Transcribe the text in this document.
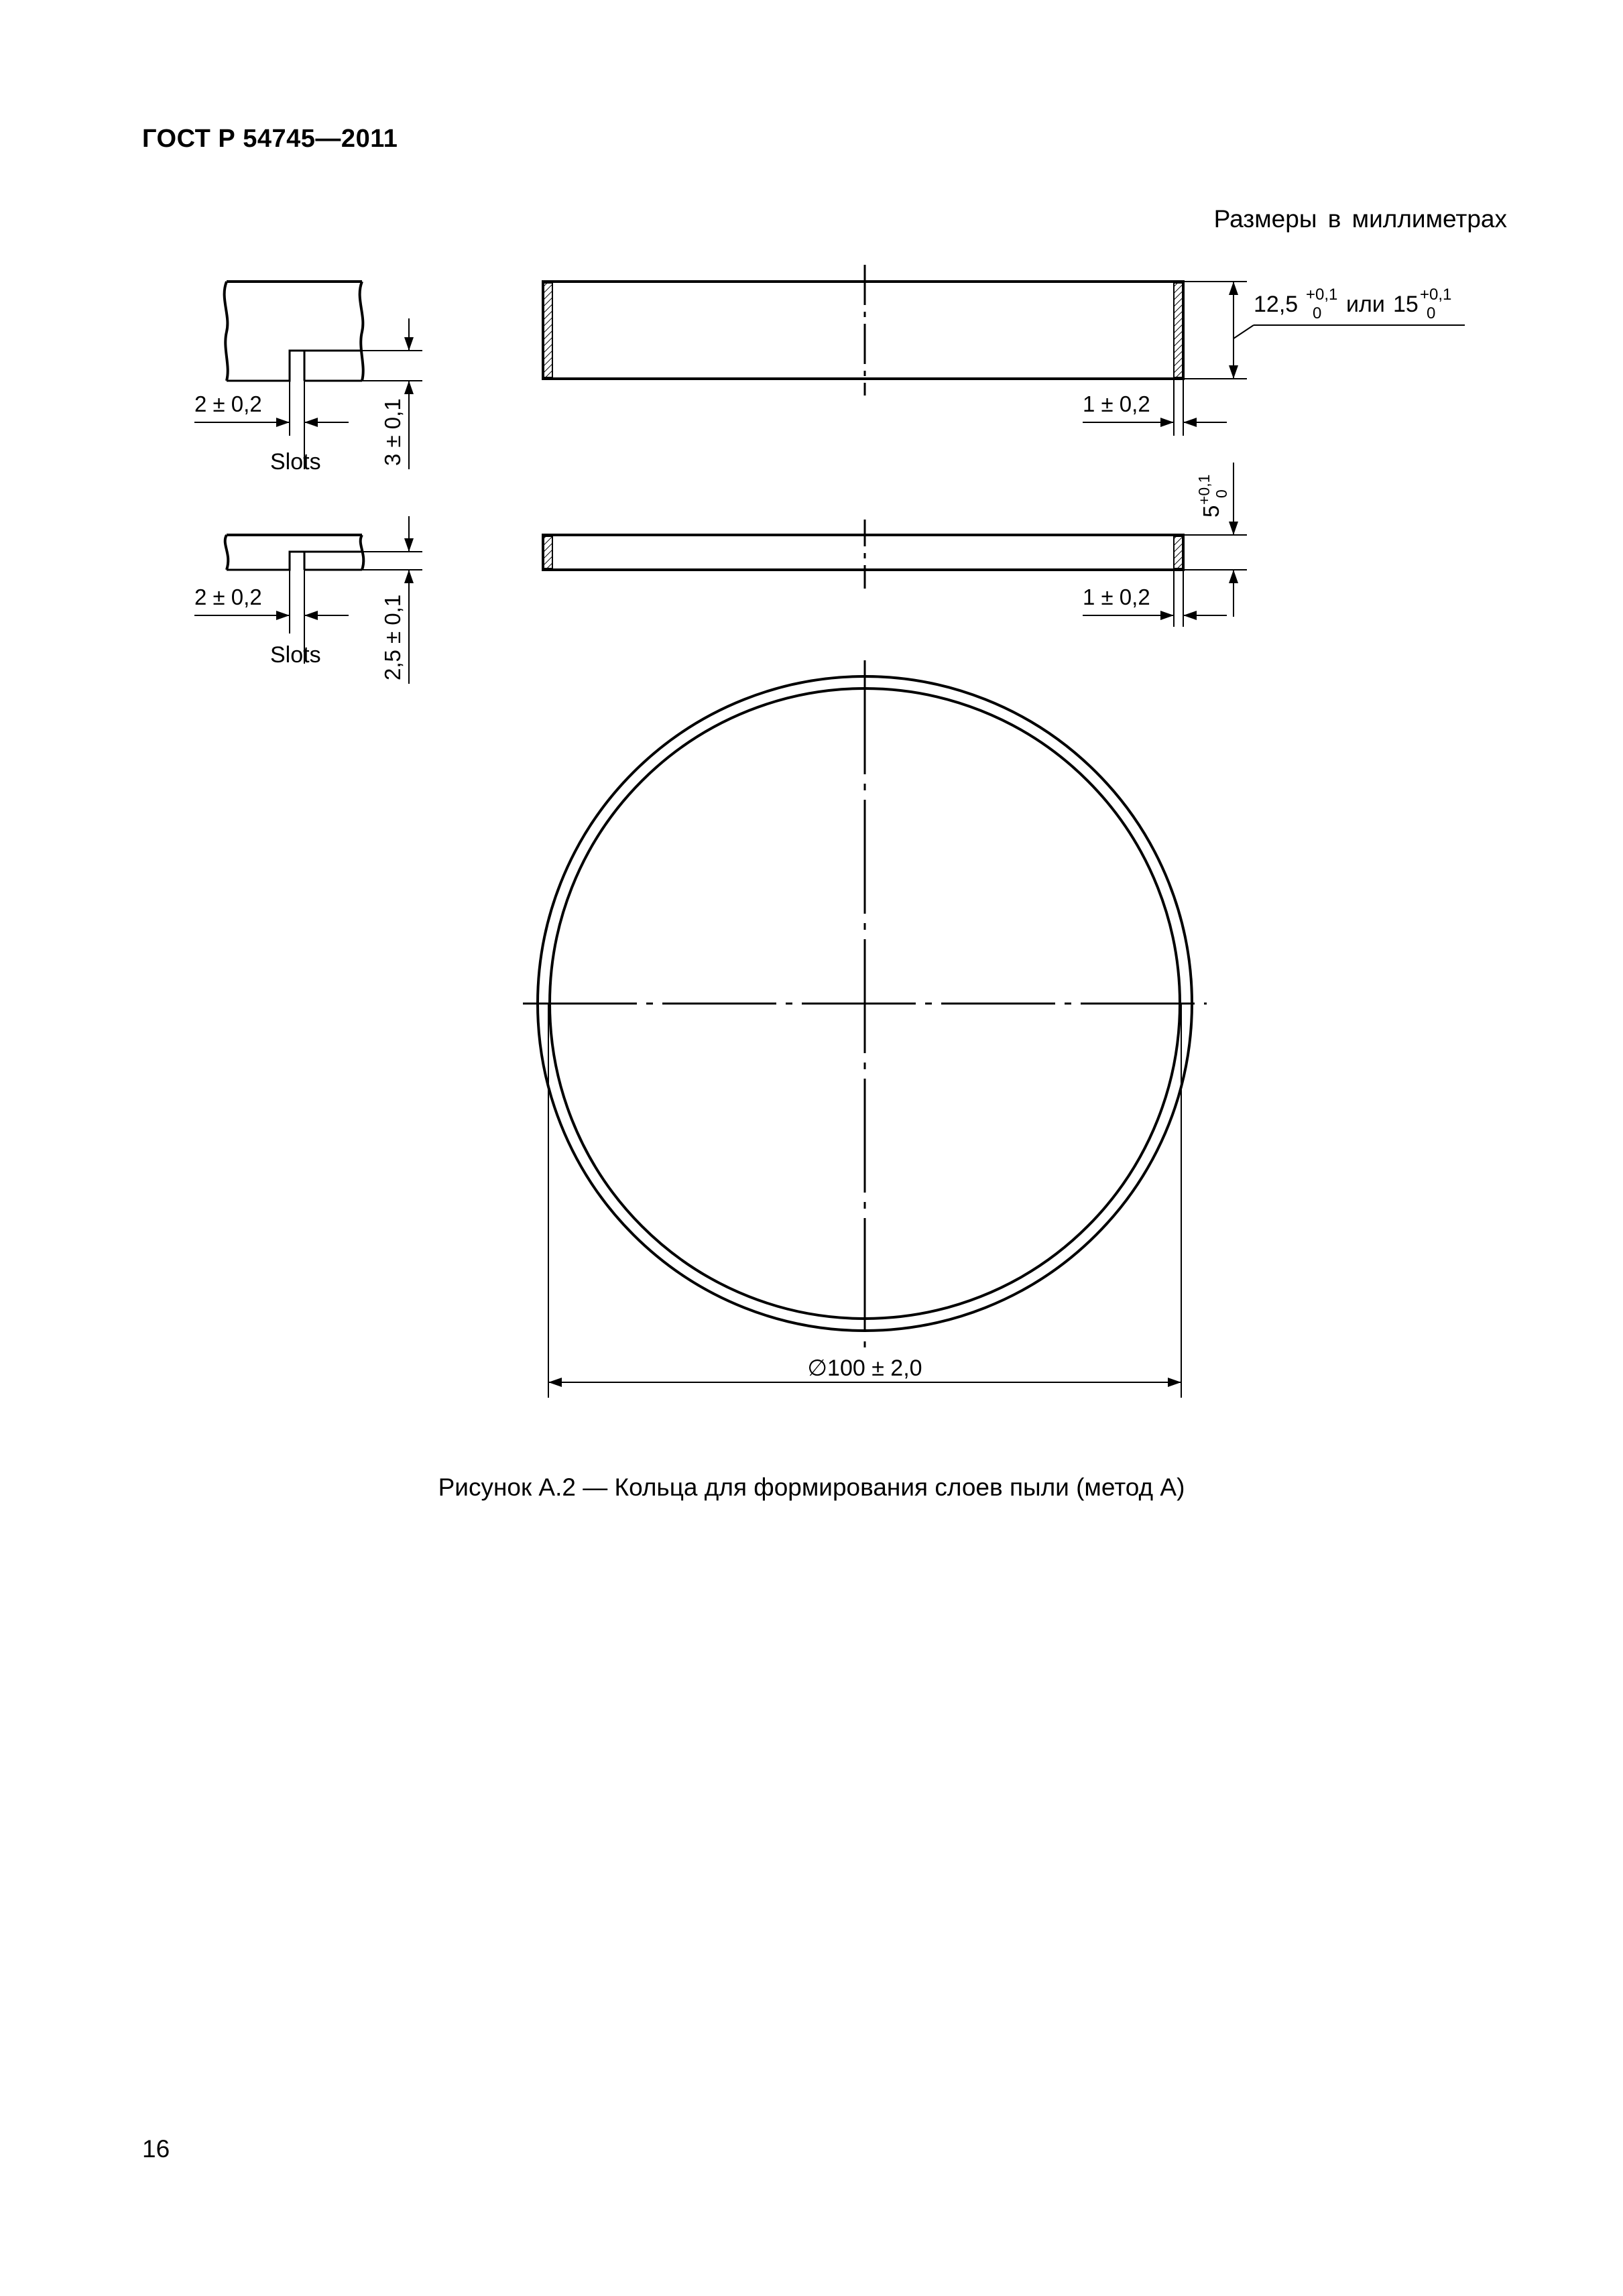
ГОСТ Р 54745—2011
Размеры в миллиметрах
2 ± 0,2
Slots	3 ± 0,1
2 ± 0,2
Slots	2,5 ± 0,1
12,5 +0,1
0 или 15 +0,1
0
1 ± 0,2
5
+0,1 0
1 ± 0,2
∅100 ± 2,0
Рисунок А.2 — Кольца для формирования слоев пыли (метод А)
16
